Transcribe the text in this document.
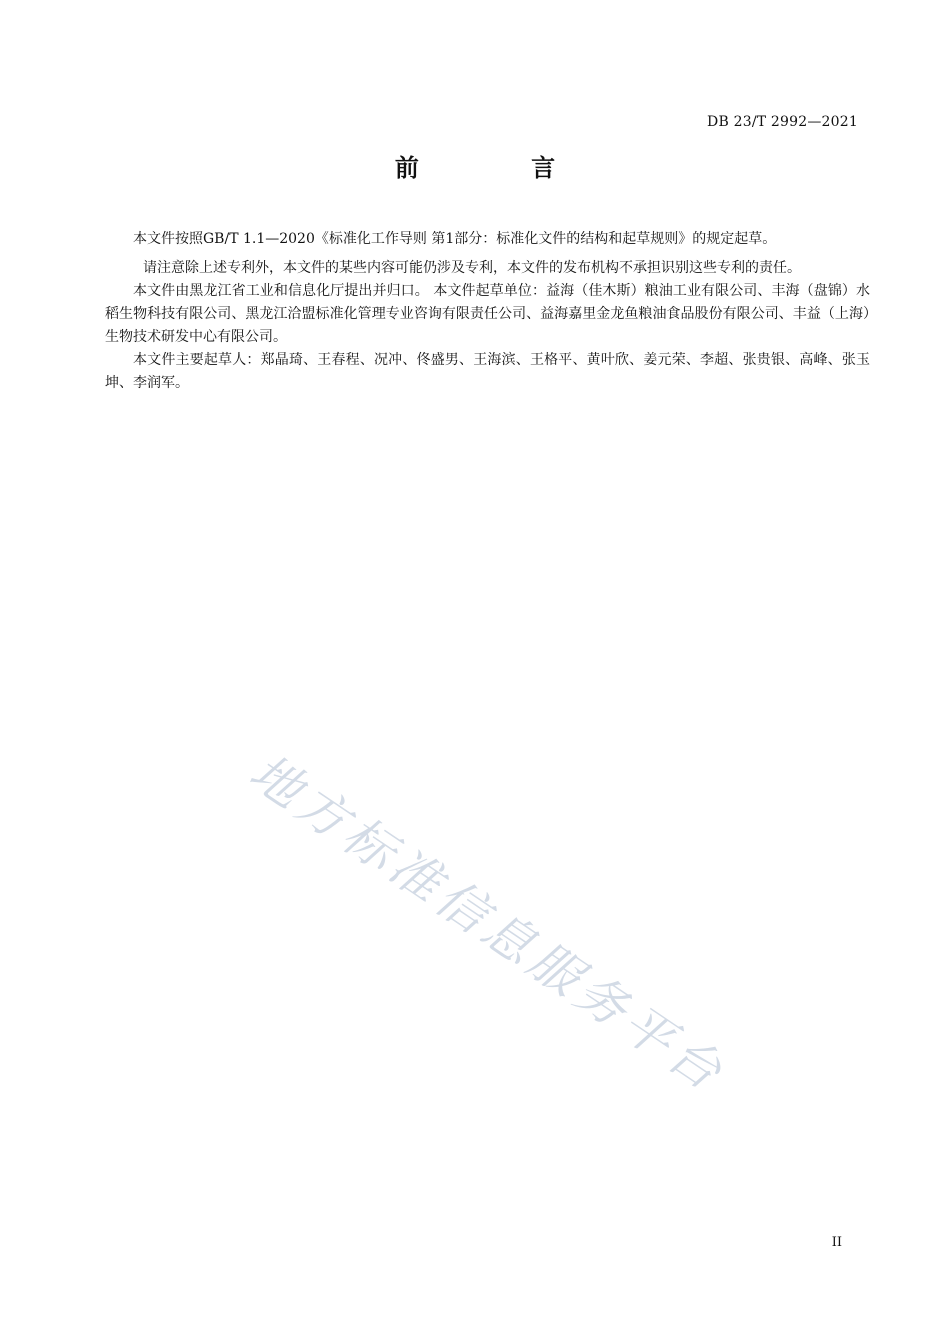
DB 23/T 2992—2021
前 言

本文件按照GB/T 1.1—2020《标准化工作导则 第1部分：标准化文件的结构和起草规则》的规定起草。

请注意除上述专利外，本文件的某些内容可能仍涉及专利，本文件的发布机构不承担识别这些专利的责任。

本文件由黑龙江省工业和信息化厅提出并归口。 本文件起草单位：益海（佳木斯）粮油工业有限公司、丰海（盘锦）水稻生物科技有限公司、黑龙江洽盟标准化管理专业咨询有限责任公司、益海嘉里金龙鱼粮油食品股份有限公司、丰益（上海）生物技术研发中心有限公司。

本文件主要起草人：郑晶琦、王春程、况冲、佟盛男、王海滨、王格平、黄叶欣、姜元荣、李超、张贵银、高峰、张玉坤、李润军。

地方标准信息服务平台
II
